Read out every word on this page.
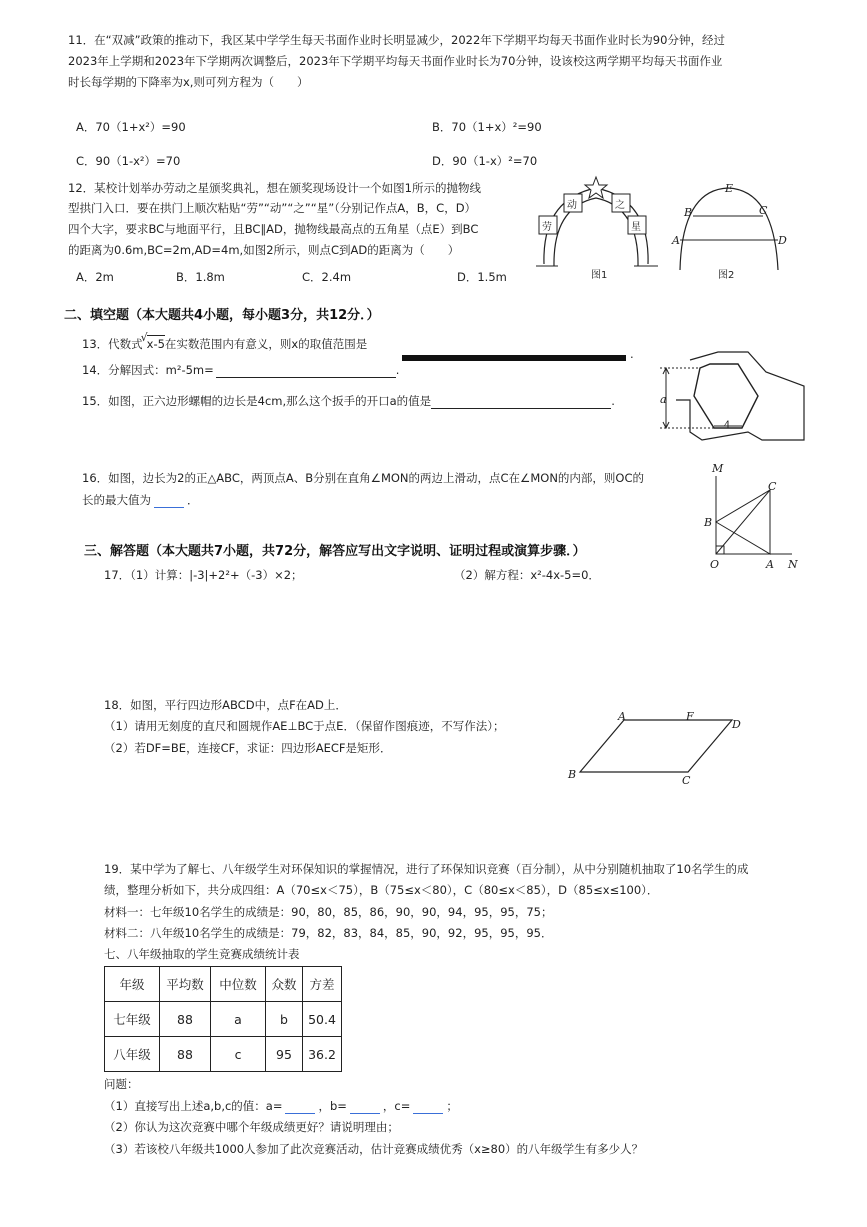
11．在“双减”政策的推动下，我区某中学学生每天书面作业时长明显减少，2022年下学期平均每天书面作业时长为90分钟，经过
2023年上学期和2023年下学期两次调整后，2023年下学期平均每天书面作业时长为70分钟，设该校这两学期平均每天书面作业
时长每学期的下降率为x,则可列方程为（　　）
A．70（1+x²）=90	B．70（1+x）²=90
C．90（1-x²）=70	D．90（1-x）²=70
12．某校计划举办劳动之星颁奖典礼，想在颁奖现场设计一个如图1所示的抛物线
型拱门入口．要在拱门上顺次粘贴“劳”“动”“之”“星”（分别记作点A，B，C，D）
四个大字，要求BC与地面平行，且BC∥AD，抛物线最高点的五角星（点E）到BC
的距离为0.6m,BC=2m,AD=4m,如图2所示，则点C到AD的距离为（　　）
A．2m	B．1.8m	C．2.4m	D．1.5m
劳
动	之
星
图1
E
B	C
A	D
图2
二、填空题（本大题共4小题，每小题3分，共12分．）
13．代数式
√
x-5在实数范围内有意义，则x的取值范围是
.
14．分解因式：m²-5m=	.
15．如图，正六边形螺帽的边长是4cm,那么这个扳手的开口a的值是	.	a
4
16．如图，边长为2的正△ABC，两顶点A、B分别在直角∠MON的两边上滑动，点C在∠MON的内部，则OC的
长的最大值为	．
M
C
B
O	A N
三、解答题（本大题共7小题，共72分，解答应写出文字说明、证明过程或演算步骤．）
17．（1）计算：|-3|+2²+（-3）×2；	（2）解方程：x²-4x-5=0．
18．如图，平行四边形ABCD中，点F在AD上．
（1）请用无刻度的直尺和圆规作AE⊥BC于点E．（保留作图痕迹，不写作法）；
（2）若DF=BE，连接CF，求证：四边形AECF是矩形．
A	F
D
B	C
19．某中学为了解七、八年级学生对环保知识的掌握情况，进行了环保知识竞赛（百分制），从中分别随机抽取了10名学生的成
绩，整理分析如下，共分成四组：A（70≤x＜75），B（75≤x＜80），C（80≤x＜85），D（85≤x≤100）．
材料一：七年级10名学生的成绩是：90，80，85，86，90，90，94，95，95，75；
材料二：八年级10名学生的成绩是：79，82，83，84，85，90，92，95，95，95．
七、八年级抽取的学生竞赛成绩统计表
年级	平均数	中位数	众数	方差
七年级	88	a	b	50.4
八年级	88	c	95	36.2
问题：
（1）直接写出上述a,b,c的值：a=	，b=	，c=	；
（2）你认为这次竞赛中哪个年级成绩更好？请说明理由；
（3）若该校八年级共1000人参加了此次竞赛活动，估计竞赛成绩优秀（x≥80）的八年级学生有多少人？
